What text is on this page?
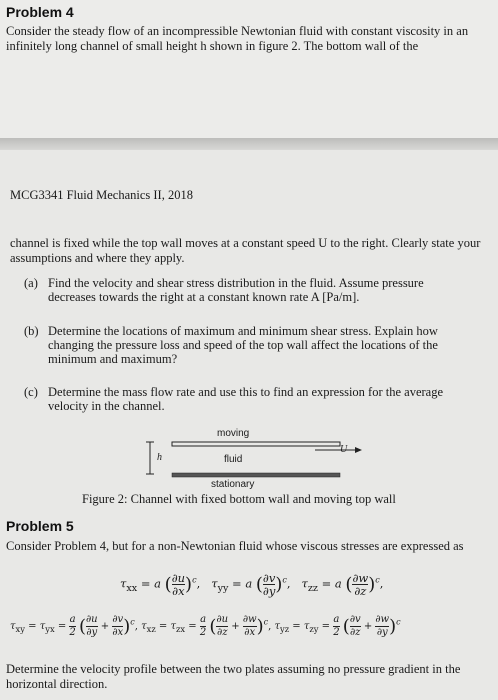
Problem 4
Consider the steady flow of an incompressible Newtonian fluid with constant viscosity in an infinitely long channel of small height h shown in figure 2. The bottom wall of the
MCG3341 Fluid Mechanics II, 2018
channel is fixed while the top wall moves at a constant speed U to the right. Clearly state your assumptions and where they apply.
(a) Find the velocity and shear stress distribution in the fluid. Assume pressure
decreases towards the right at a constant known rate A [Pa/m].
(b) Determine the locations of maximum and minimum shear stress. Explain how
changing the pressure loss and speed of the top wall affect the locations of the
minimum and maximum?
(c) Determine the mass flow rate and use this to find an expression for the average
velocity in the channel.
moving
fluid
stationary
h
U
Figure 2: Channel with fixed bottom wall and moving top wall
Problem 5
Consider Problem 4, but for a non-Newtonian fluid whose viscous stresses are expressed as
$\tau_{xx} = a$ ( $\frac{\partial u}{\partial x} )^c$,   $\tau_{yy} = a$ ( $\frac{\partial v}{\partial y} )^c$,   $\tau_{zz} = a$ ( $\frac{\partial w}{\partial z} )^c$,
$\tau_{xy} = \tau_{yx} = \frac{a}{2}$ ( $\frac{\partial u}{\partial y} + \frac{\partial v}{\partial x} )^c$, $\tau_{xz} = \tau_{zx} = \frac{a}{2}$ ( $\frac{\partial u}{\partial z} + \frac{\partial w}{\partial x} )^c$, $\tau_{yz} = \tau_{zy} = \frac{a}{2}$ ( $\frac{\partial v}{\partial z} + \frac{\partial w}{\partial y} )^c$
Determine the velocity profile between the two plates assuming no pressure gradient in the horizontal direction.
